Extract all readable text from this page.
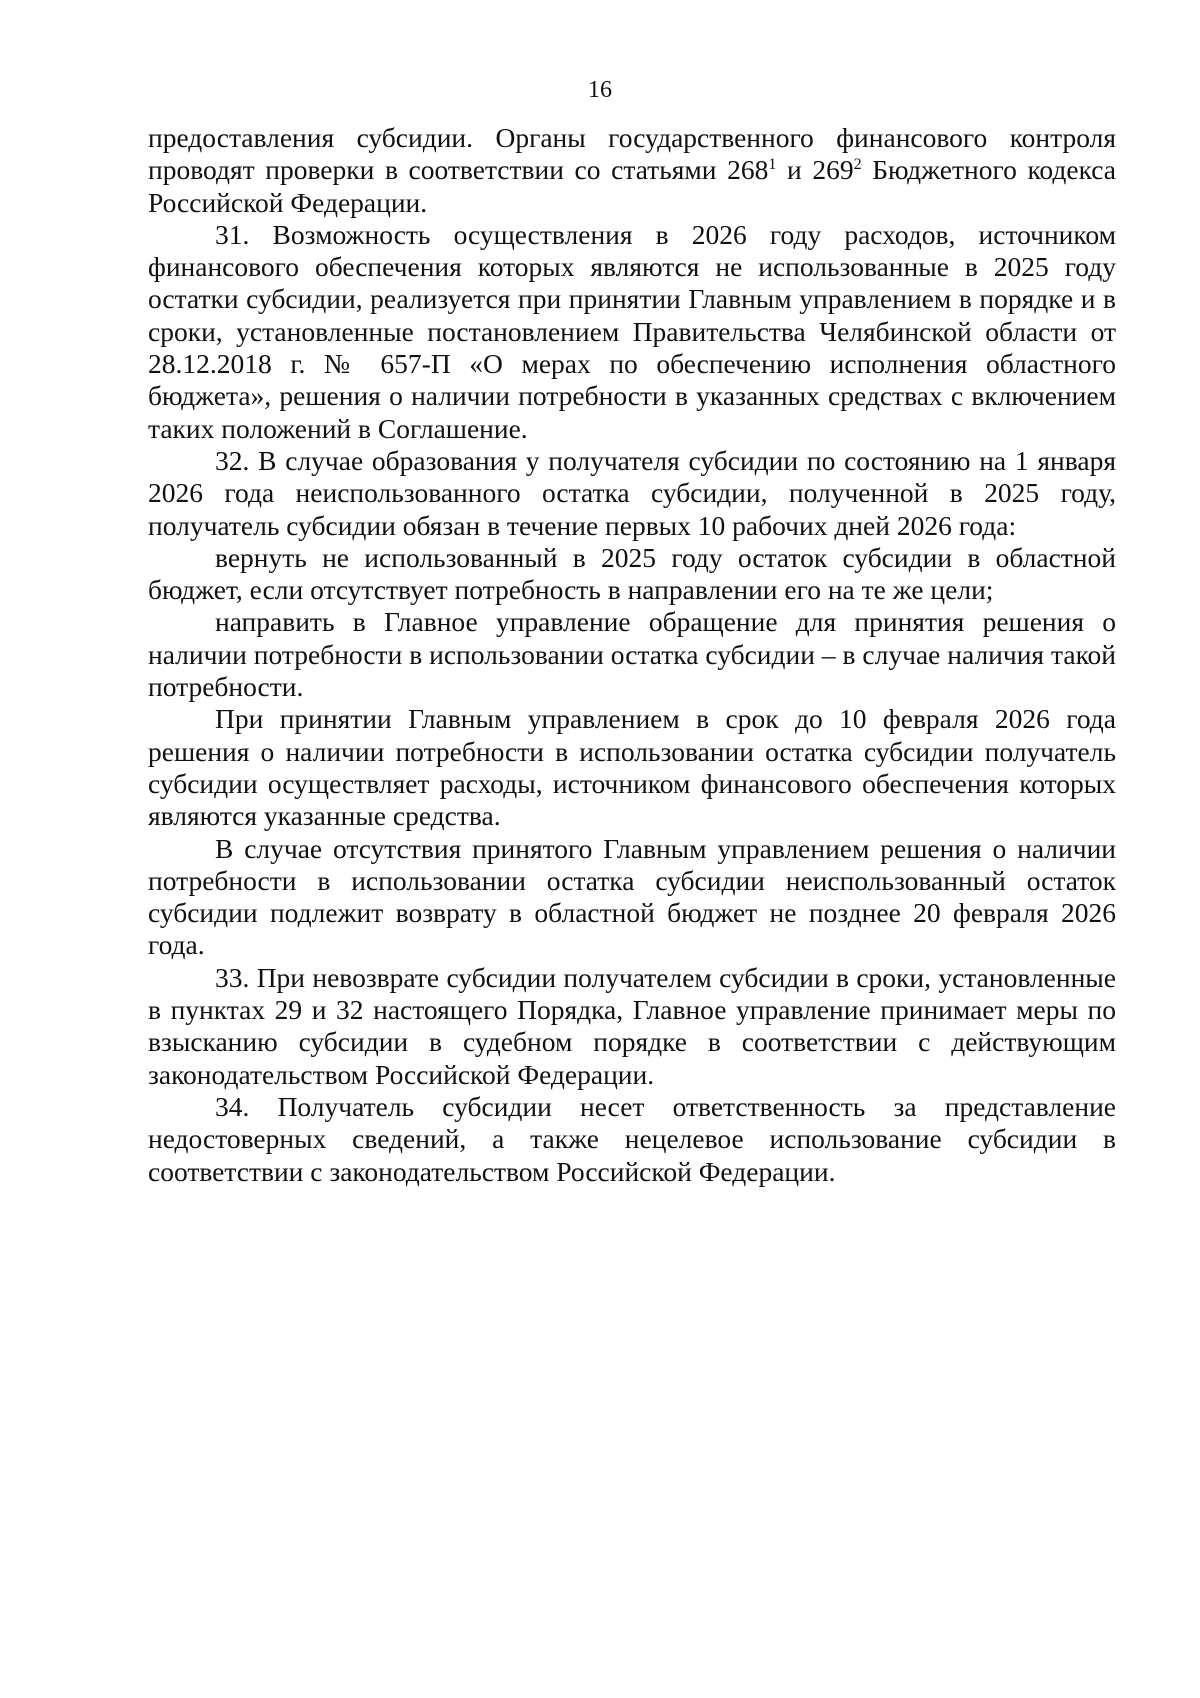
16

предоставления субсидии. Органы государственного финансового контроля проводят проверки в соответствии со статьями $268^1$ и $269^2$ Бюджетного кодекса Российской Федерации.

31. Возможность осуществления в 2026 году расходов, источником финансового обеспечения которых являются не использованные в 2025 году остатки субсидии, реализуется при принятии Главным управлением в порядке и в сроки, установленные постановлением Правительства Челябинской области от 28.12.2018 г. № 657-П «О мерах по обеспечению исполнения областного бюджета», решения о наличии потребности в указанных средствах с включением таких положений в Соглашение.

32. В случае образования у получателя субсидии по состоянию на 1 января 2026 года неиспользованного остатка субсидии, полученной в 2025 году, получатель субсидии обязан в течение первых 10 рабочих дней 2026 года:

вернуть не использованный в 2025 году остаток субсидии в областной бюджет, если отсутствует потребность в направлении его на те же цели;

направить в Главное управление обращение для принятия решения о наличии потребности в использовании остатка субсидии – в случае наличия такой потребности.

При принятии Главным управлением в срок до 10 февраля 2026 года решения о наличии потребности в использовании остатка субсидии получатель субсидии осуществляет расходы, источником финансового обеспечения которых являются указанные средства.

В случае отсутствия принятого Главным управлением решения о наличии потребности в использовании остатка субсидии неиспользованный остаток субсидии подлежит возврату в областной бюджет не позднее 20 февраля 2026 года.

33. При невозврате субсидии получателем субсидии в сроки, установленные в пунктах 29 и 32 настоящего Порядка, Главное управление принимает меры по взысканию субсидии в судебном порядке в соответствии с действующим законодательством Российской Федерации.

34. Получатель субсидии несет ответственность за представление недостоверных сведений, а также нецелевое использование субсидии в соответствии с законодательством Российской Федерации.
